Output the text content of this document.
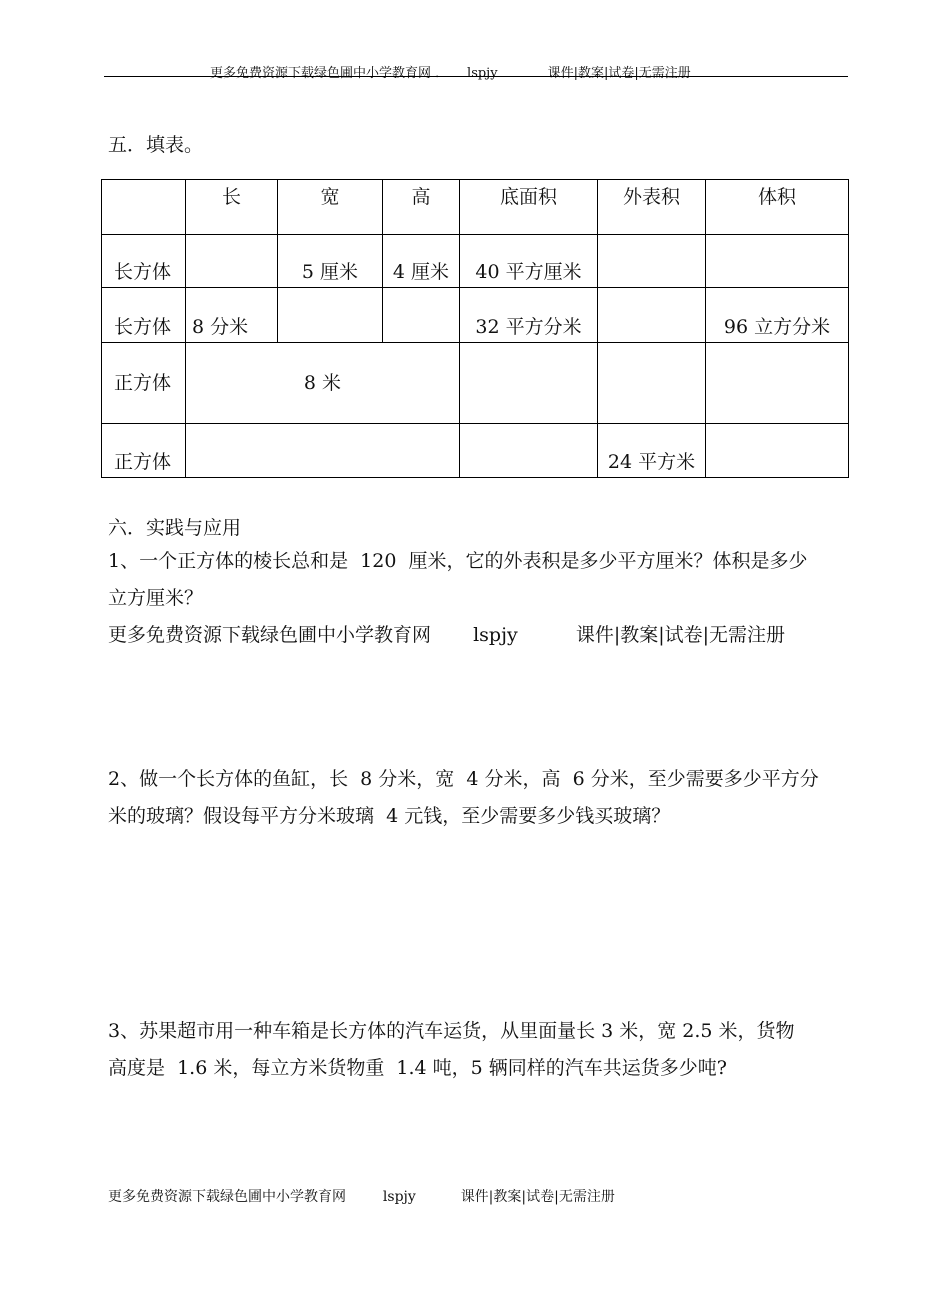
更多免费资源下载绿色圃中小学教育网 ． lspjy	课件|教案|试卷|无需注册
五．填表。
	长	宽	高	底面积	外表积	体积
长方体		5 厘米	4 厘米	40 平方厘米		
长方体	8 分米			32 平方分米		96 立方分米
正方体	8 米					
正方体					24 平方米	
六．实践与应用
1、一个正方体的棱长总和是  120  厘米，它的外表积是多少平方厘米？体积是多少
立方厘米？
更多免费资源下载绿色圃中小学教育网 lspjy	课件|教案|试卷|无需注册
2、做一个长方体的鱼缸，长  8 分米，宽  4 分米，高  6 分米，至少需要多少平方分
米的玻璃？假设每平方分米玻璃  4 元钱，至少需要多少钱买玻璃？
3、苏果超市用一种车箱是长方体的汽车运货，从里面量长 3 米，宽 2.5 米，货物
高度是  1.6 米，每立方米货物重  1.4 吨，5 辆同样的汽车共运货多少吨?
更多免费资源下载绿色圃中小学教育网	lspjy	课件|教案|试卷|无需注册
